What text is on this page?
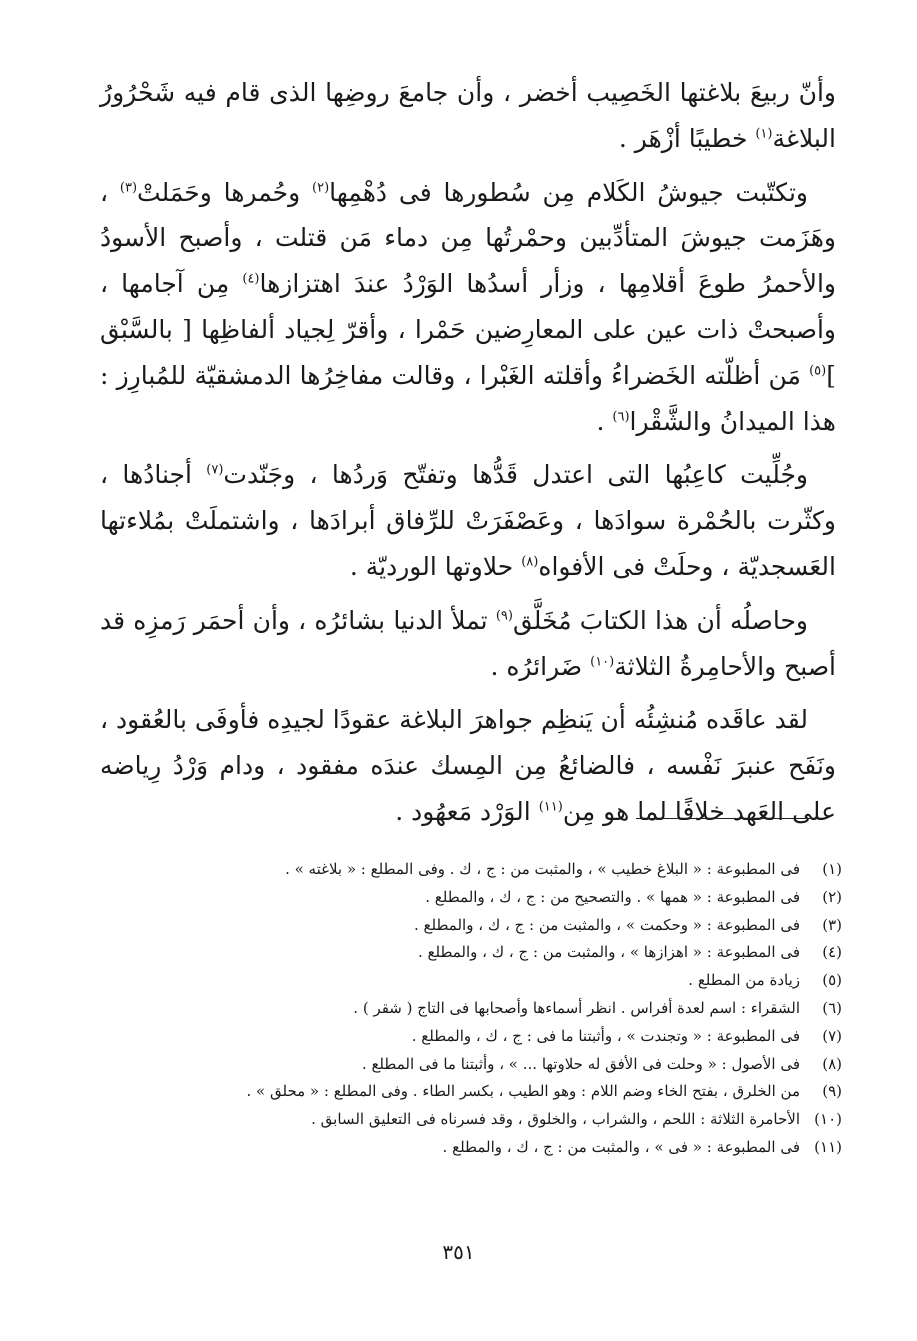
وأنّ ربيعَ بلاغتها الخَصِيب أخضر ، وأن جامعَ روضِها الذى قام فيه شَحْرُورُ البلاغة$^{(١)}$ خطيبًا أزْهَر .

وتكتّبت جيوشُ الكَلام مِن سُطورها فى دُهْمِها$^{(٢)}$ وحُمرها وحَمَلتْ$^{(٣)}$ ، وهَزَمت جيوشَ المتأدِّبين وحمْرتُها مِن دماء مَن قتلت ، وأصبح الأسودُ والأحمرُ طوعَ أقلامِها ، وزأر أسدُها الوَرْدُ عندَ اهتزازها$^{(٤)}$ مِن آجامها ، وأصبحتْ ذات عين على المعارِضين حَمْرا ، وأقرّ لِجياد ألفاظِها [ بالسَّبْق ]$^{(٥)}$ مَن أظلّته الخَضراءُ وأقلته الغَبْرا ، وقالت مفاخِرُها الدمشقيّة للمُبارِز : هذا الميدانُ والشَّقْرا$^{(٦)}$ .

وجُلِّيت كاعِبُها التى اعتدل قَدُّها وتفتّح وَردُها ، وجَنّدت$^{(٧)}$ أجنادُها ، وكثّرت بالحُمْرة سوادَها ، وعَصْفَرَتْ للرِّفاق أبرادَها ، واشتملَتْ بمُلاءتها العَسجديّة ، وحلَتْ فى الأفواه$^{(٨)}$ حلاوتها الورديّة .

وحاصلُه أن هذا الكتابَ مُخَلَّق$^{(٩)}$ تملأ الدنيا بشائرُه ، وأن أحمَر رَمزِه قد أصبح والأحامِرةُ الثلاثة$^{(١٠)}$ ضَرائرُه .

لقد عاقَده مُنشِئُه أن يَنظِم جواهرَ البلاغة عقودًا لجيدِه فأوفَى بالعُقود ، ونَفَح عنبرَ نَفْسه ، فالضائعُ مِن المِسك عندَه مفقود ، ودام وَرْدُ رِياضه على العَهد خلافًا لما هو مِن$^{(١١)}$ الوَرْد مَعهُود .

(١)
فى المطبوعة : « البلاغ خطيب » ، والمثبت من : ج ، ك . وفى المطلع : « بلاغته » .
(٢)
فى المطبوعة : « همها » . والتصحيح من : ج ، ك ، والمطلع .
(٣)
فى المطبوعة : « وحكمت » ، والمثبت من : ج ، ك ، والمطلع .
(٤)
فى المطبوعة : « اهزازها » ، والمثبت من : ج ، ك ، والمطلع .
(٥)
زيادة من المطلع .
(٦)
الشقراء : اسم لعدة أفراس . انظر أسماءها وأصحابها فى التاج ( شقر ) .
(٧)
فى المطبوعة : « وتجندت » ، وأثبتنا ما فى : ج ، ك ، والمطلع .
(٨)
فى الأصول : « وحلت فى الأفق له حلاوتها ... » ، وأثبتنا ما فى المطلع .
(٩)
من الخلرق ، بفتح الخاء وضم اللام : وهو الطيب ، بكسر الطاء . وفى المطلع : « محلق » .
(١٠)
الأحامرة الثلاثة : اللحم ، والشراب ، والخلوق ، وقد فسرناه فى التعليق السابق .
(١١)
فى المطبوعة : « فى » ، والمثبت من : ج ، ك ، والمطلع .
٣٥١
